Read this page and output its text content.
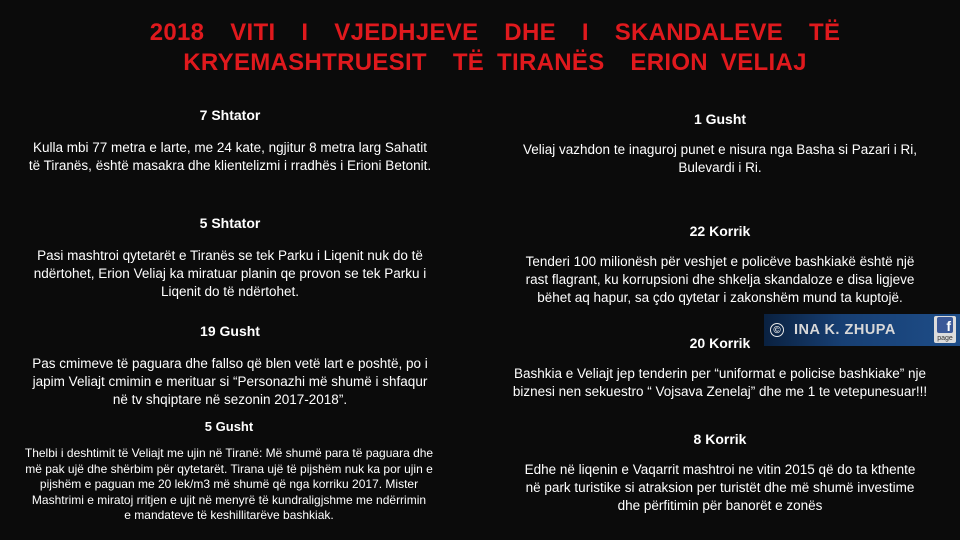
2018  VITI  I  VJEDHJEVE  DHE  I  SKANDALEVE  TË
KRYEMASHTRUESIT  TË TIRANËS  ERION VELIAJ
7 Shtator
Kulla mbi 77 metra e larte, me 24 kate, ngjitur 8 metra larg Sahatit
të Tiranës, është masakra dhe klientelizmi i rradhës i Erioni Betonit.
5 Shtator
Pasi mashtroi qytetarët e Tiranës se tek Parku i Liqenit nuk do të
ndërtohet, Erion Veliaj ka miratuar planin qe provon se tek Parku i
Liqenit do të ndërtohet.
19 Gusht
Pas cmimeve të paguara dhe fallso që blen vetë lart e poshtë, po i
japim Veliajt cmimin e merituar si “Personazhi më shumë i shfaqur
në tv shqiptare në sezonin 2017-2018”.
5 Gusht
Thelbi i deshtimit të Veliajt me ujin në Tiranë: Më shumë para të paguara dhe
më pak ujë dhe shërbim për qytetarët. Tirana ujë të pijshëm nuk ka por ujin e
pijshëm e paguan me 20 lek/m3 më shumë që nga korriku 2017. Mister
Mashtrimi e miratoj rritjen e ujit në menyrë të kundraligjshme me ndërrimin
e mandateve të keshillitarëve bashkiak.
1 Gusht
Veliaj vazhdon te inaguroj punet e nisura nga Basha si Pazari i Ri,
Bulevardi i Ri.
22 Korrik
Tenderi 100 milionësh për veshjet e policëve bashkiakë është një
rast flagrant, ku korrupsioni dhe shkelja skandaloze e disa ligjeve
bëhet aq hapur, sa çdo qytetar i zakonshëm mund ta kuptojë.
20 Korrik
Bashkia e Veliajt jep tenderin per “uniformat e policise bashkiake” nje
biznesi nen sekuestro “ Vojsava Zenelaj” dhe me 1 te vetepunesuar!!!
8 Korrik
Edhe në liqenin e Vaqarrit mashtroi ne vitin 2015 që do ta kthente
në park turistike si atraksion per turistët dhe më shumë investime
dhe përfitimin për banorët e zonës
© INA K. ZHUPA	f
page
